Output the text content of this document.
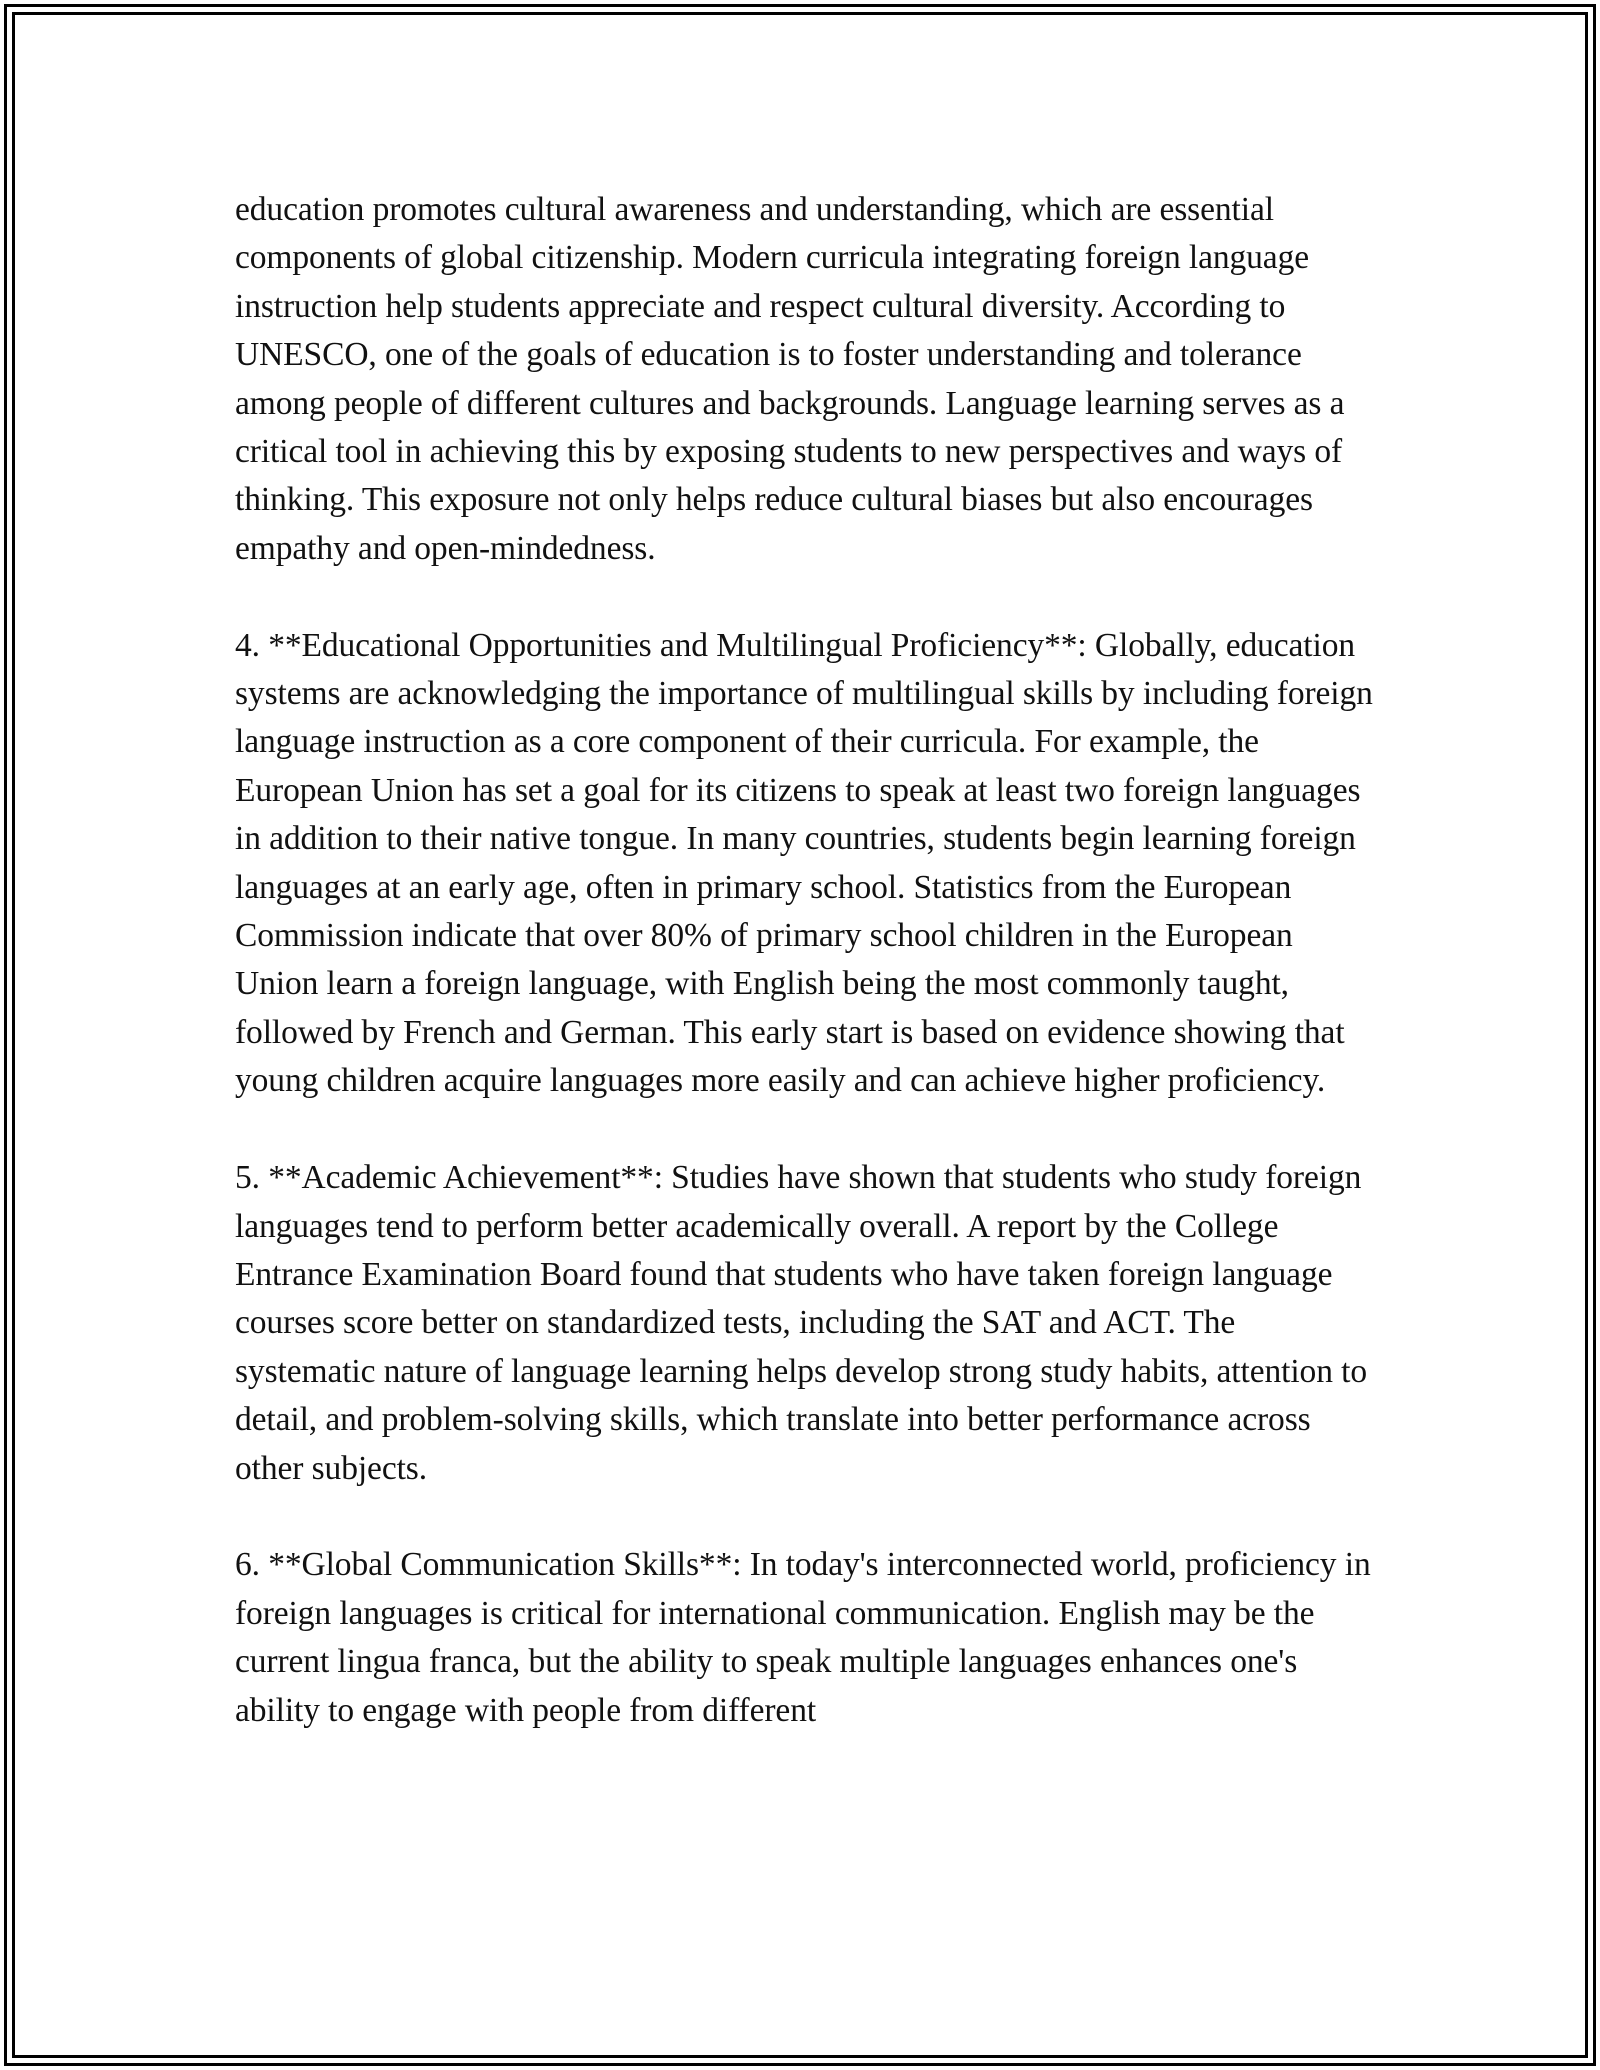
education promotes cultural awareness and understanding, which are essential components of global citizenship. Modern curricula integrating foreign language instruction help students appreciate and respect cultural diversity. According to UNESCO, one of the goals of education is to foster understanding and tolerance among people of different cultures and backgrounds. Language learning serves as a critical tool in achieving this by exposing students to new perspectives and ways of thinking. This exposure not only helps reduce cultural biases but also encourages empathy and open-mindedness.

4. **Educational Opportunities and Multilingual Proficiency**: Globally, education systems are acknowledging the importance of multilingual skills by including foreign language instruction as a core component of their curricula. For example, the European Union has set a goal for its citizens to speak at least two foreign languages in addition to their native tongue. In many countries, students begin learning foreign languages at an early age, often in primary school. Statistics from the European Commission indicate that over 80% of primary school children in the European Union learn a foreign language, with English being the most commonly taught, followed by French and German. This early start is based on evidence showing that young children acquire languages more easily and can achieve higher proficiency.

5. **Academic Achievement**: Studies have shown that students who study foreign languages tend to perform better academically overall. A report by the College Entrance Examination Board found that students who have taken foreign language courses score better on standardized tests, including the SAT and ACT. The systematic nature of language learning helps develop strong study habits, attention to detail, and problem-solving skills, which translate into better performance across other subjects.

6. **Global Communication Skills**: In today's interconnected world, proficiency in foreign languages is critical for international communication. English may be the current lingua franca, but the ability to speak multiple languages enhances one's ability to engage with people from different
